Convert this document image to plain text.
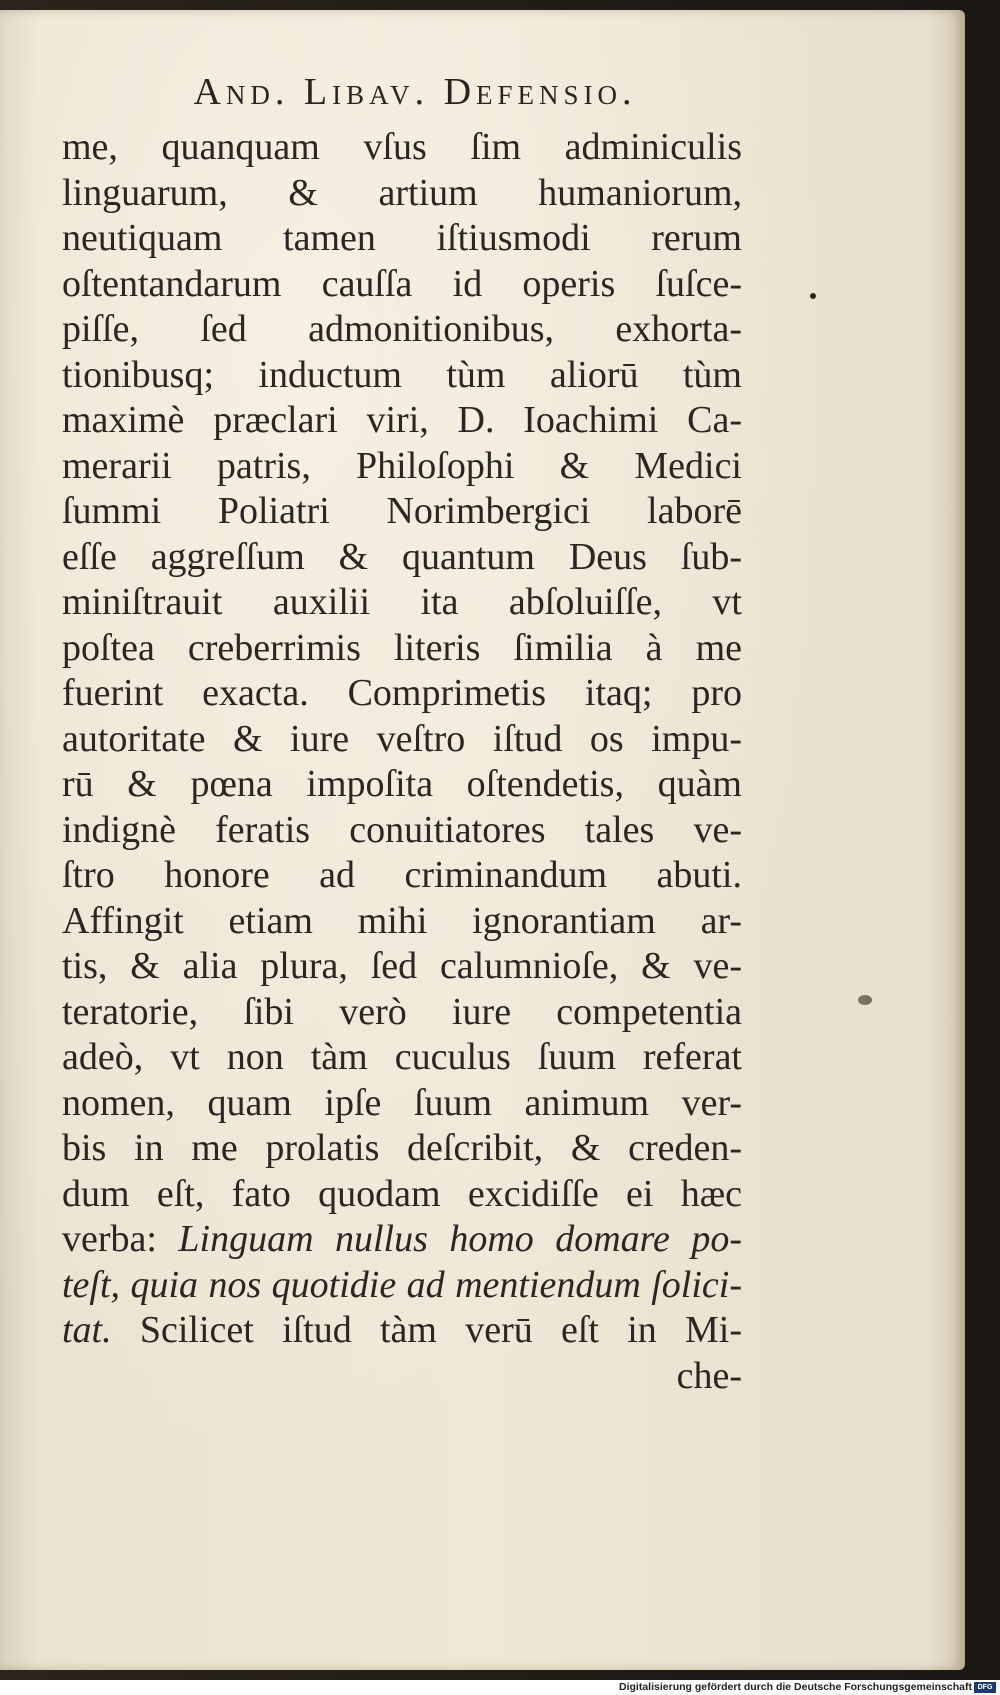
And. Libav. Defensio.
me, quanquam vſus ſim adminiculis
linguarum, & artium humaniorum,
neutiquam tamen iſtiusmodi rerum
oſtentandarum cauſſa id operis ſuſce-
piſſe, ſed admonitionibus, exhorta-
tionibusq; inductum tùm aliorū tùm
maximè præclari viri, D. Ioachimi Ca-
merarii patris, Philoſophi & Medici
ſummi Poliatri Norimbergici laborē
eſſe aggreſſum & quantum Deus ſub-
miniſtrauit auxilii ita abſoluiſſe, vt
poſtea creberrimis literis ſimilia à me
fuerint exacta. Comprimetis itaq; pro
autoritate & iure veſtro iſtud os impu-
rū & pœna impoſita oſtendetis, quàm
indignè feratis conuitiatores tales ve-
ſtro honore ad criminandum abuti.
Affingit etiam mihi ignorantiam ar-
tis, & alia plura, ſed calumnioſe, & ve-
teratorie, ſibi verò iure competentia
adeò, vt non tàm cuculus ſuum referat
nomen, quam ipſe ſuum animum ver-
bis in me prolatis deſcribit, & creden-
dum eſt, fato quodam excidiſſe ei hæc
verba: Linguam nullus homo domare po-
teſt, quia nos quotidie ad mentiendum ſolici-
tat. Scilicet iſtud tàm verū eſt in Mi-
che-
Digitalisierung gefördert durch die Deutsche Forschungsgemeinschaft DFG
